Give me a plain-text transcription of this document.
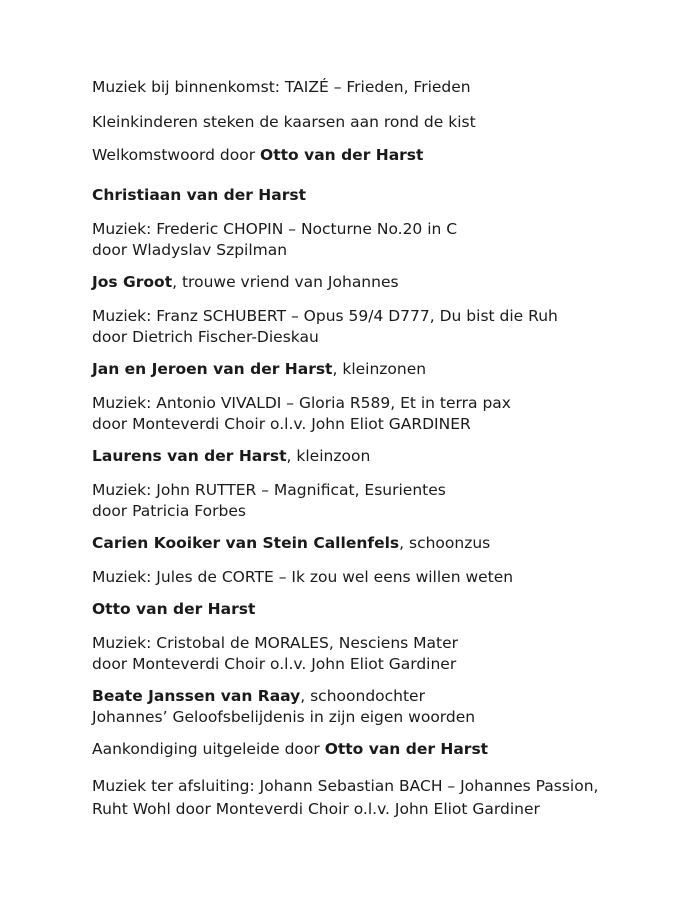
Muziek bij binnenkomst: TAIZÉ – Frieden, Frieden
Kleinkinderen steken de kaarsen aan rond de kist
Welkomstwoord door Otto van der Harst
Christiaan van der Harst
Muziek: Frederic CHOPIN – Nocturne No.20 in C
door Wladyslav Szpilman
Jos Groot, trouwe vriend van Johannes
Muziek: Franz SCHUBERT – Opus 59/4 D777, Du bist die Ruh
door Dietrich Fischer-Dieskau
Jan en Jeroen van der Harst, kleinzonen
Muziek: Antonio VIVALDI – Gloria R589, Et in terra pax
door Monteverdi Choir o.l.v. John Eliot GARDINER
Laurens van der Harst, kleinzoon
Muziek: John RUTTER – Magnificat, Esurientes
door Patricia Forbes
Carien Kooiker van Stein Callenfels, schoonzus
Muziek: Jules de CORTE – Ik zou wel eens willen weten
Otto van der Harst
Muziek: Cristobal de MORALES, Nesciens Mater
door Monteverdi Choir o.l.v. John Eliot Gardiner
Beate Janssen van Raay, schoondochter
Johannes’ Geloofsbelijdenis in zijn eigen woorden
Aankondiging uitgeleide door Otto van der Harst
Muziek ter afsluiting: Johann Sebastian BACH – Johannes Passion,
Ruht Wohl door Monteverdi Choir o.l.v. John Eliot Gardiner
